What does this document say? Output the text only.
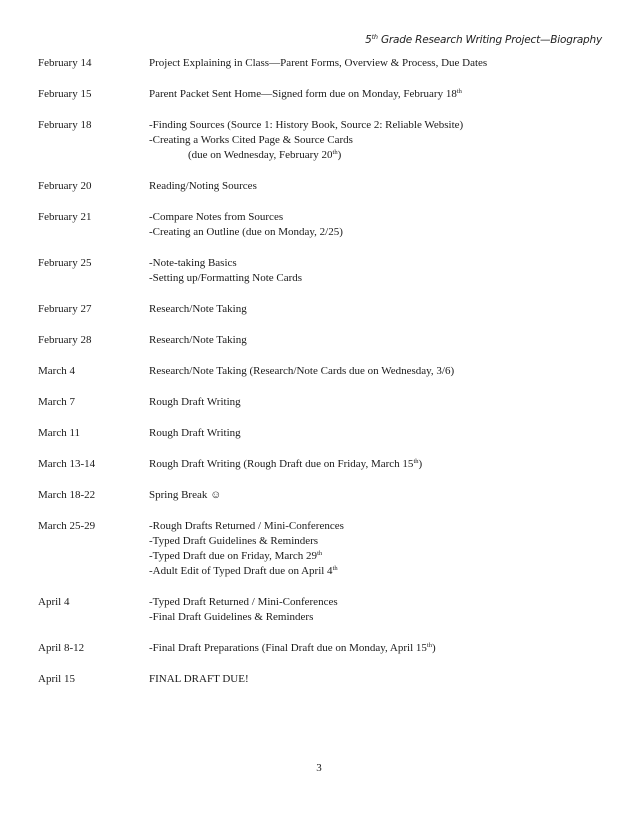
5th Grade Research Writing Project—Biography
February 14	Project Explaining in Class—Parent Forms, Overview & Process, Due Dates
February 15	Parent Packet Sent Home—Signed form due on Monday, February 18th
February 18	-Finding Sources (Source 1: History Book, Source 2: Reliable Website)
-Creating a Works Cited Page & Source Cards
(due on Wednesday, February 20th)
February 20	Reading/Noting Sources
February 21	-Compare Notes from Sources
-Creating an Outline (due on Monday, 2/25)
February 25	-Note-taking Basics
-Setting up/Formatting Note Cards
February 27	Research/Note Taking
February 28	Research/Note Taking
March 4	Research/Note Taking (Research/Note Cards due on Wednesday, 3/6)
March 7	Rough Draft Writing
March 11	Rough Draft Writing
March 13-14	Rough Draft Writing (Rough Draft due on Friday, March 15th)
March 18-22	Spring Break ☺
March 25-29	-Rough Drafts Returned / Mini-Conferences
-Typed Draft Guidelines & Reminders
-Typed Draft due on Friday, March 29th
-Adult Edit of Typed Draft due on April 4th
April 4	-Typed Draft Returned / Mini-Conferences
-Final Draft Guidelines & Reminders
April 8-12	-Final Draft Preparations (Final Draft due on Monday, April 15th)
April 15	FINAL DRAFT DUE!
3
